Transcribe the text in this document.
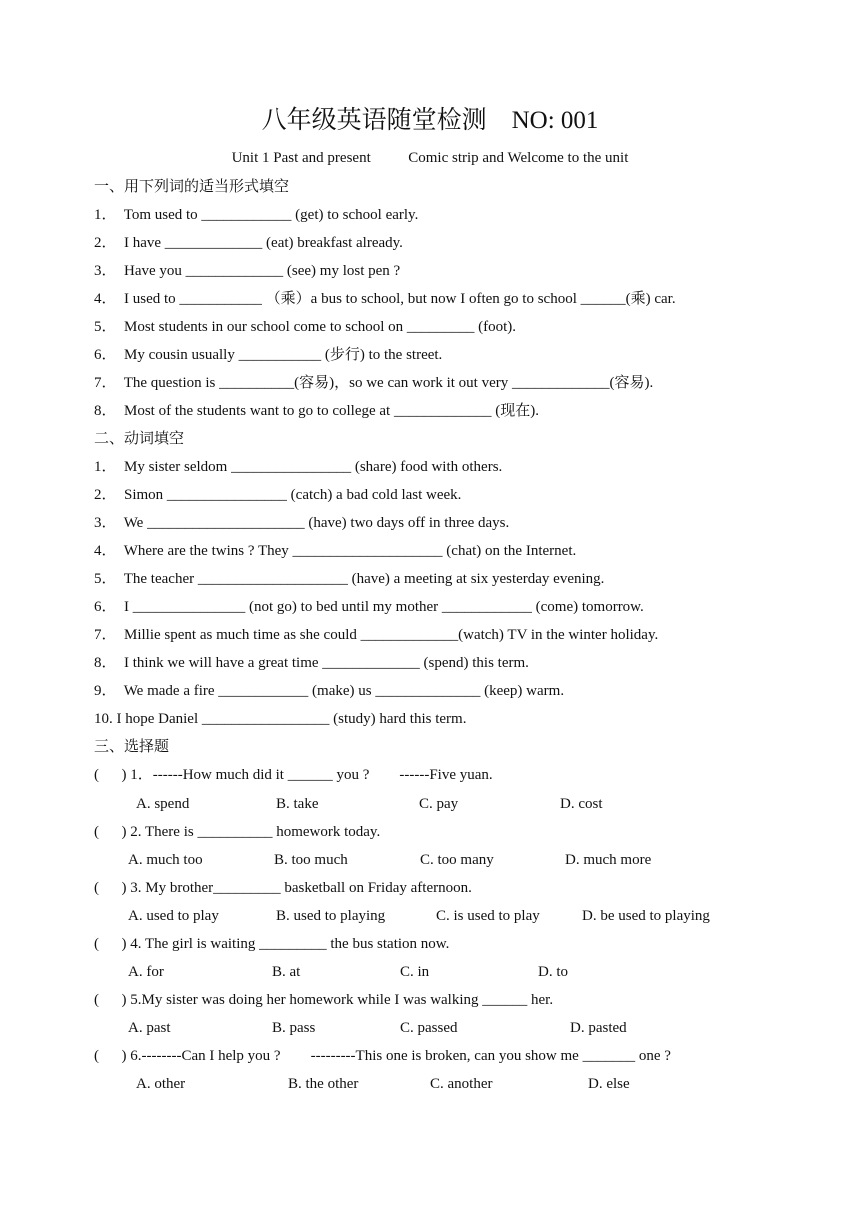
八年级英语随堂检测    NO: 001
Unit 1 Past and present          Comic strip and Welcome to the unit
一、用下列词的适当形式填空
1．  Tom used to ____________ (get) to school early.
2．  I have _____________ (eat) breakfast already.
3．  Have you _____________ (see) my lost pen ?
4．  I used to ___________ （乘）a bus to school, but now I often go to school ______(乘) car.
5．  Most students in our school come to school on _________ (foot).
6．  My cousin usually ___________ (步行) to the street.
7．  The question is __________(容易)，so we can work it out very _____________(容易).
8．  Most of the students want to go to college at _____________ (现在).
二、动词填空
1．  My sister seldom ________________ (share) food with others.
2．  Simon ________________ (catch) a bad cold last week.
3．  We _____________________ (have) two days off in three days.
4．  Where are the twins ? They ____________________ (chat) on the Internet.
5．  The teacher ____________________ (have) a meeting at six yesterday evening.
6．  I _______________ (not go) to bed until my mother ____________ (come) tomorrow.
7．  Millie spent as much time as she could _____________(watch) TV in the winter holiday.
8．  I think we will have a great time _____________ (spend) this term.
9．  We made a fire ____________ (make) us ______________ (keep) warm.
10. I hope Daniel _________________ (study) hard this term.
三、选择题
(      ) 1．------How much did it ______ you ?        ------Five yuan.
A. spend	B. take	C. pay	D. cost
(      ) 2. There is __________ homework today.
A. much too	B. too much	C. too many	D. much more
(      ) 3. My brother_________ basketball on Friday afternoon.
A. used to play	B. used to playing	C. is used to play	D. be used to playing
(      ) 4. The girl is waiting _________ the bus station now.
A. for	B. at	C. in	D. to
(      ) 5.My sister was doing her homework while I was walking ______ her.
A. past	B. pass	C. passed	D. pasted
(      ) 6.--------Can I help you ?        ---------This one is broken, can you show me _______ one ?
A. other	B. the other	C. another	D. else
